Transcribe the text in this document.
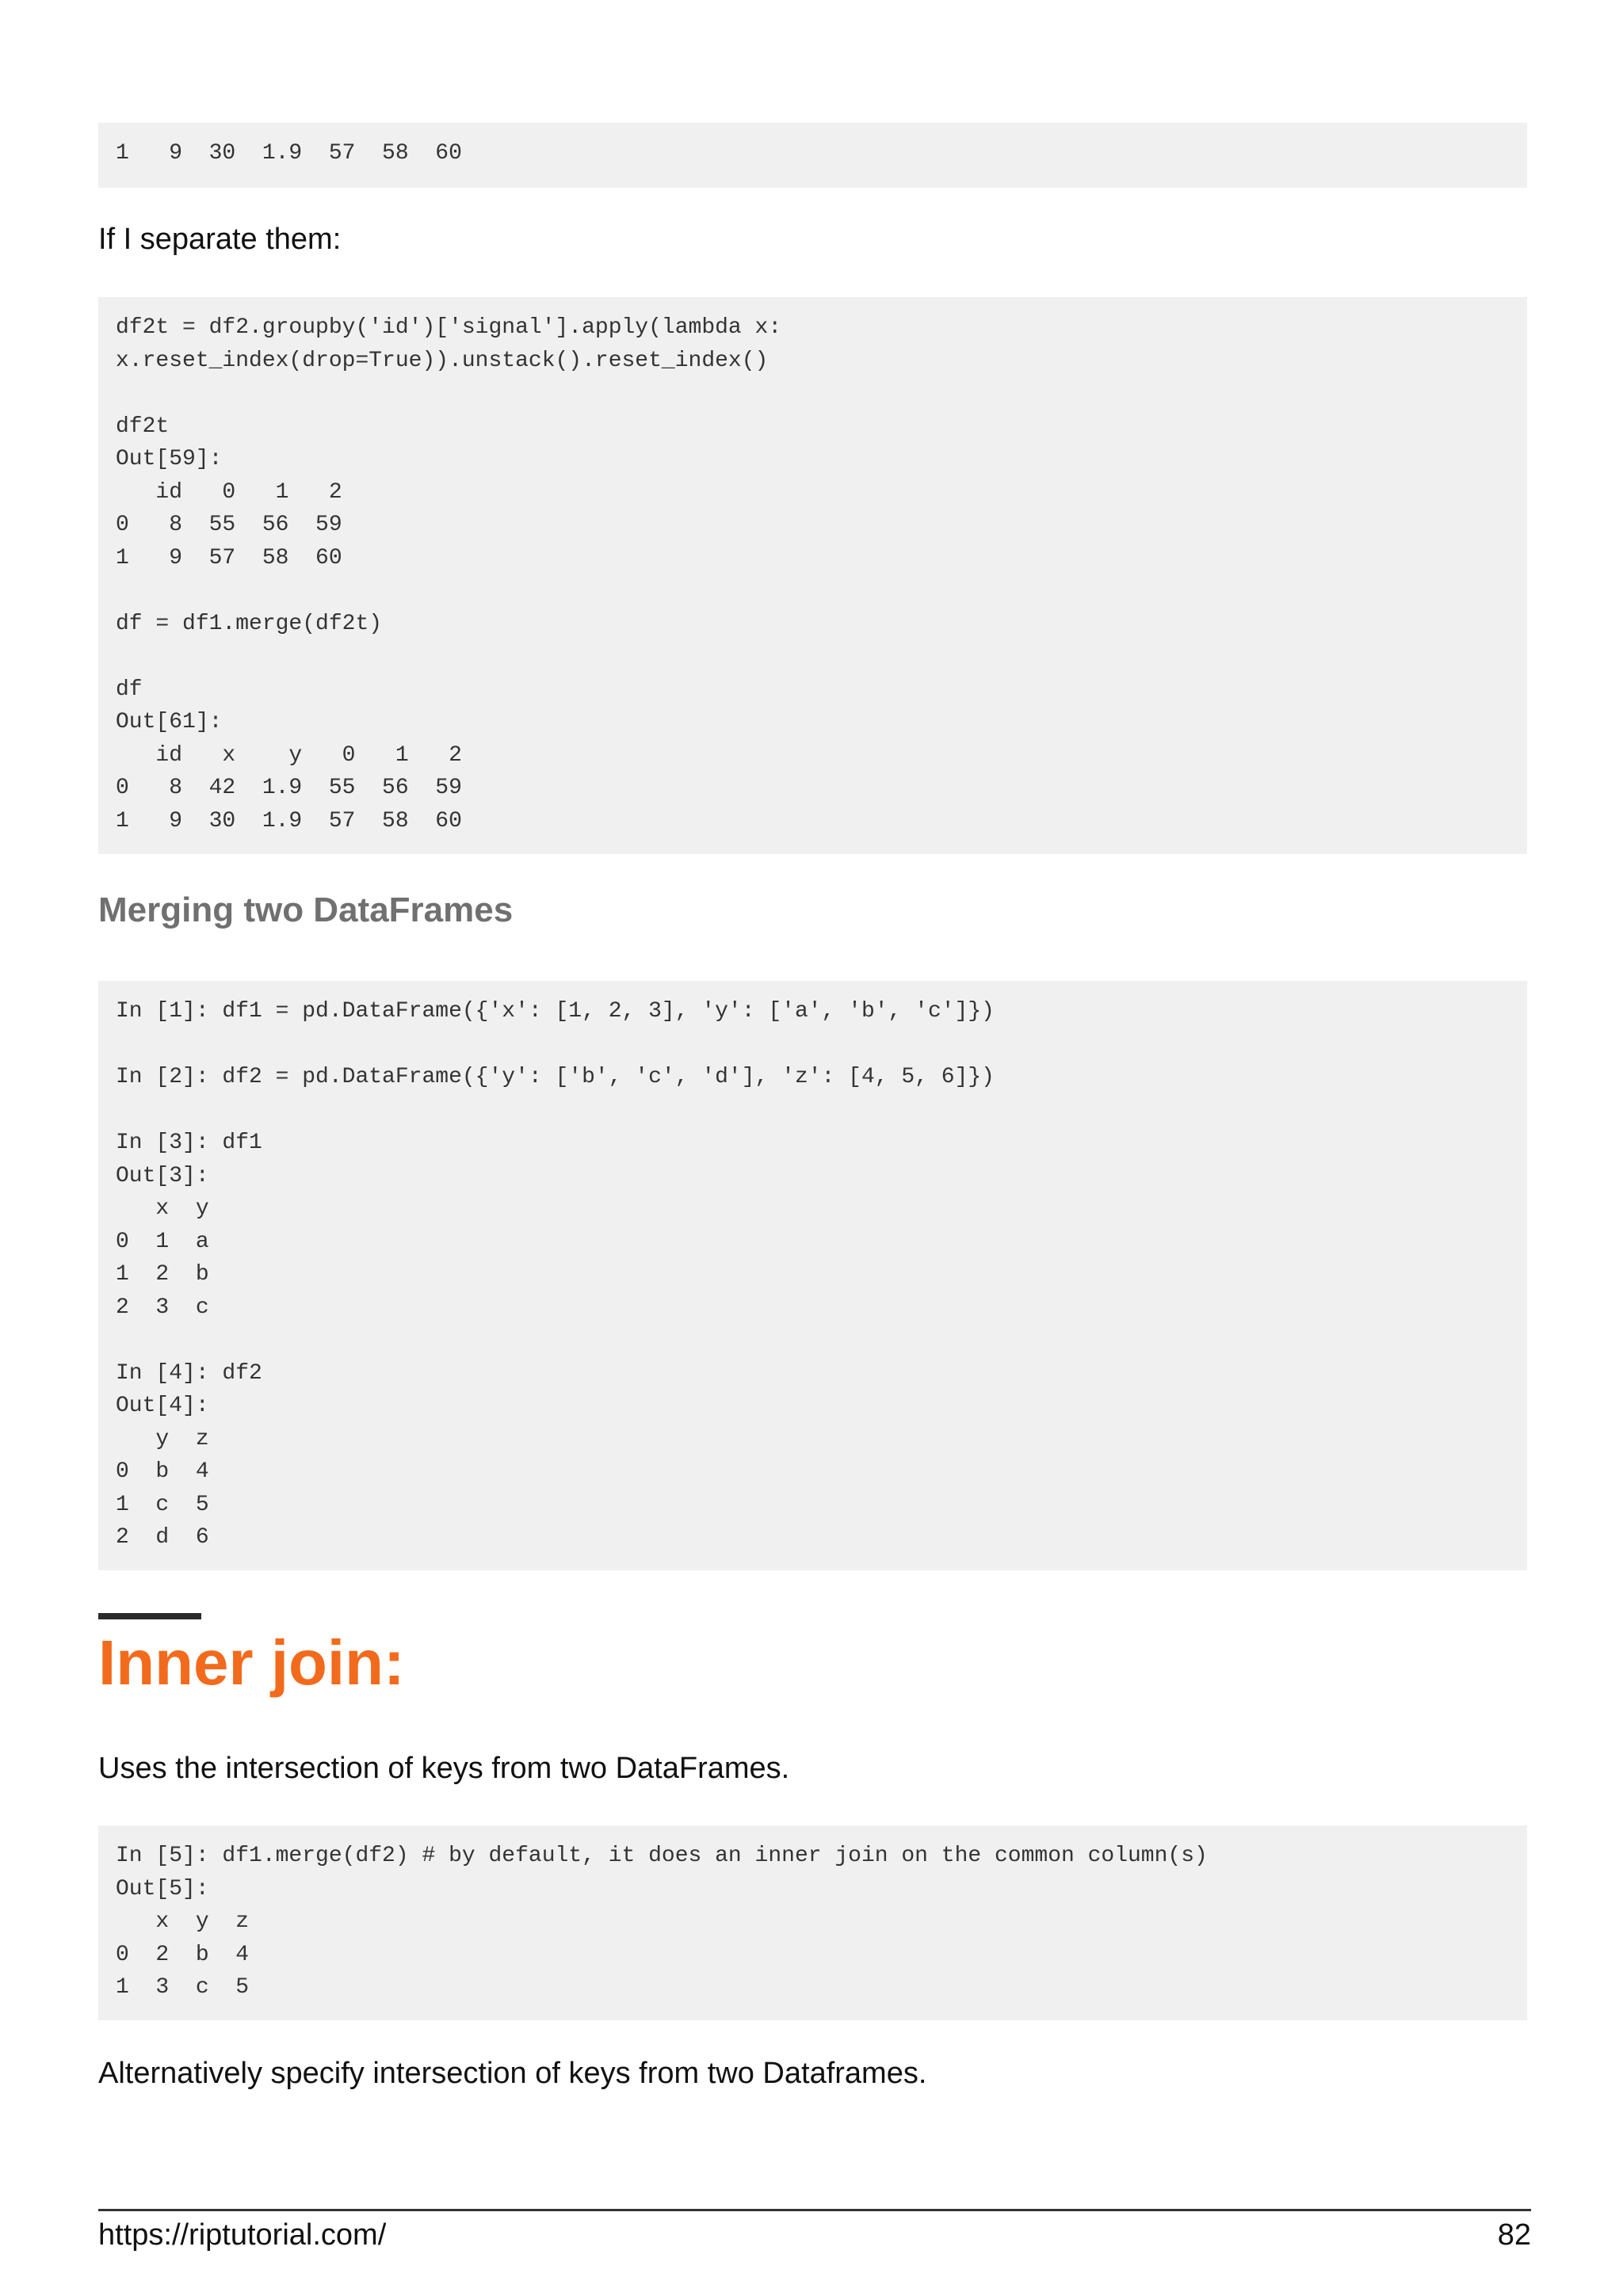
1   9  30  1.9  57  58  60

If I separate them:

df2t = df2.groupby('id')['signal'].apply(lambda x:
x.reset_index(drop=True)).unstack().reset_index()

df2t
Out[59]:
id   0   1   2
0   8  55  56  59
1   9  57  58  60

df = df1.merge(df2t)

df
Out[61]:
id   x    y   0   1   2
0   8  42  1.9  55  56  59
1   9  30  1.9  57  58  60
Merging two DataFrames
In [1]: df1 = pd.DataFrame({'x': [1, 2, 3], 'y': ['a', 'b', 'c']})

In [2]: df2 = pd.DataFrame({'y': ['b', 'c', 'd'], 'z': [4, 5, 6]})

In [3]: df1
Out[3]:
x  y
0  1  a
1  2  b
2  3  c

In [4]: df2
Out[4]:
y  z
0  b  4
1  c  5
2  d  6
Inner join:

Uses the intersection of keys from two DataFrames.

In [5]: df1.merge(df2) # by default, it does an inner join on the common column(s)
Out[5]:
x  y  z
0  2  b  4
1  3  c  5

Alternatively specify intersection of keys from two Dataframes.

https://riptutorial.com/	82
